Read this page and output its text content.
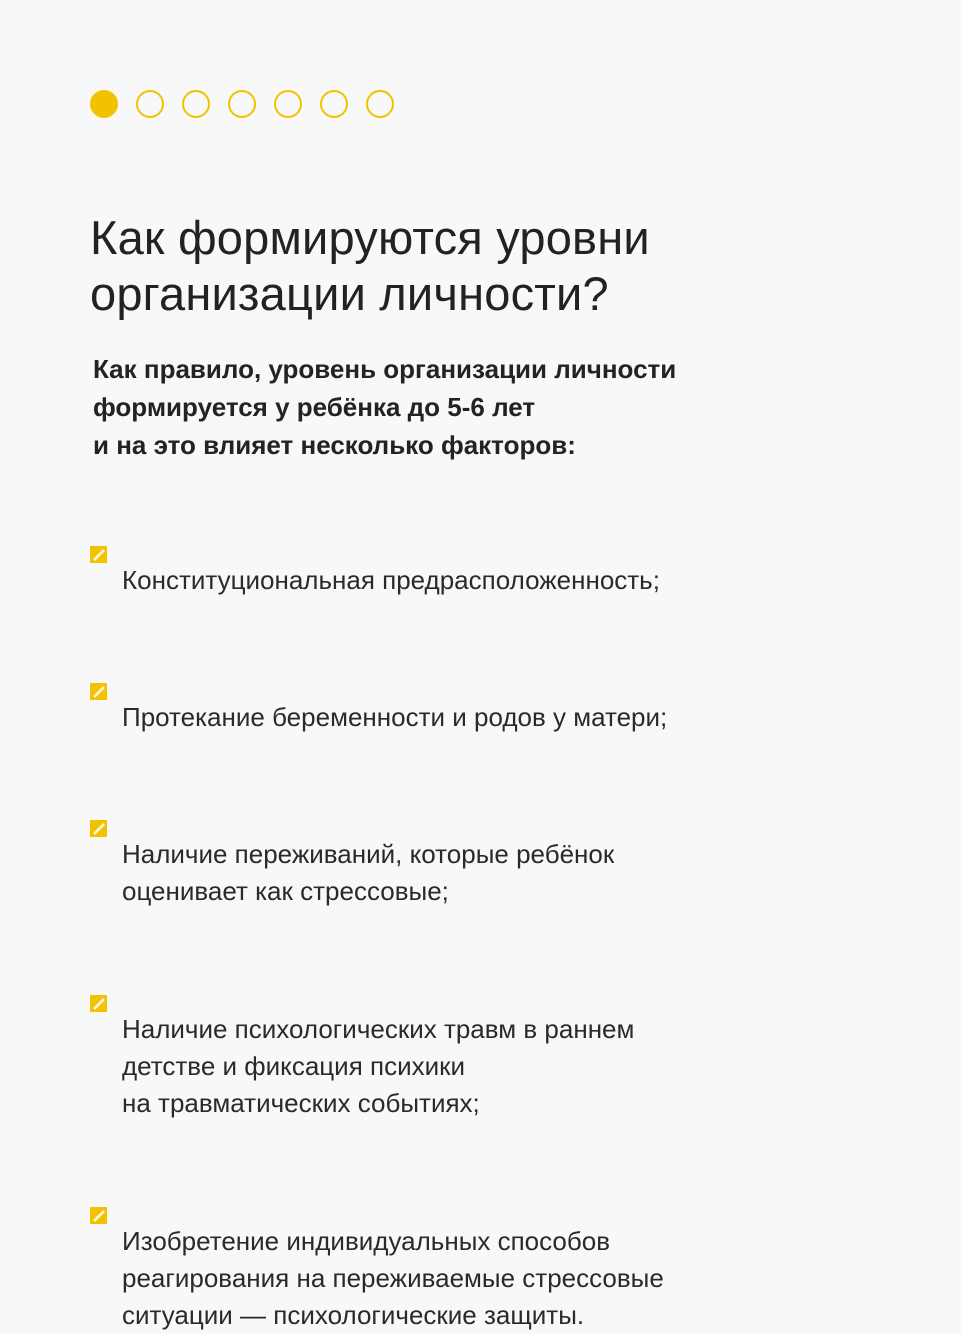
Как формируются уровни
организации личности?

Как правило, уровень организации личности
формируется у ребёнка до 5-6 лет
и на это влияет несколько факторов:

Конституциональная предрасположенность;

Протекание беременности и родов у матери;

Наличие переживаний, которые ребёнок
оценивает как стрессовые;

Наличие психологических травм в раннем
детстве и фиксация психики
на травматических событиях;

Изобретение индивидуальных способов
реагирования на переживаемые стрессовые
ситуации — психологические защиты.
